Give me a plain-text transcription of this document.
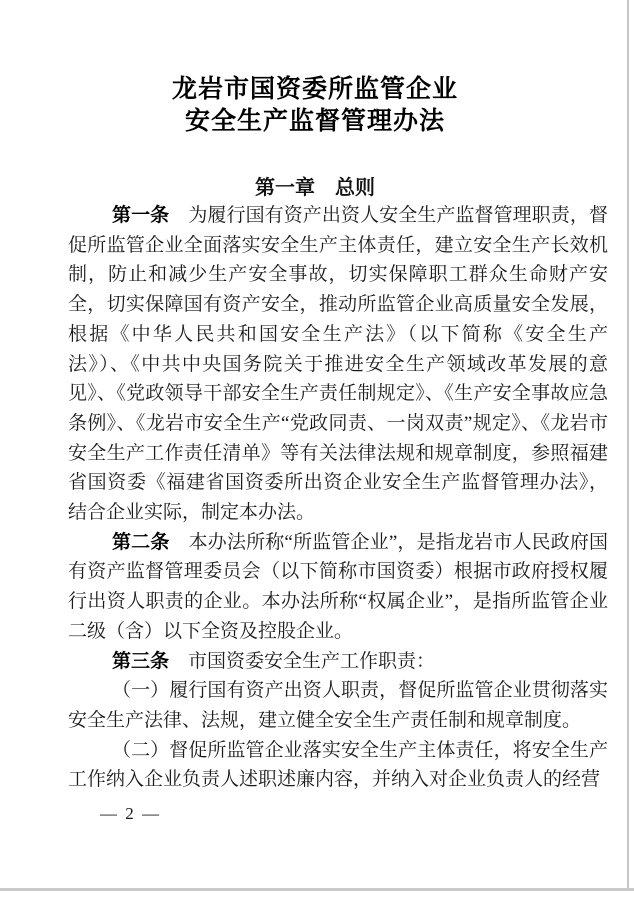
龙岩市国资委所监管企业
安全生产监督管理办法
第一章　总则

第一条　为履行国有资产出资人安全生产监督管理职责，督促所监管企业全面落实安全生产主体责任，建立安全生产长效机制，防止和减少生产安全事故，切实保障职工群众生命财产安全，切实保障国有资产安全，推动所监管企业高质量安全发展，根据《中华人民共和国安全生产法》（以下简称《安全生产法》）、《中共中央国务院关于推进安全生产领域改革发展的意见》、《党政领导干部安全生产责任制规定》、《生产安全事故应急条例》、《龙岩市安全生产“党政同责、一岗双责”规定》、《龙岩市安全生产工作责任清单》等有关法律法规和规章制度，参照福建省国资委《福建省国资委所出资企业安全生产监督管理办法》，结合企业实际，制定本办法。

第二条　本办法所称“所监管企业”，是指龙岩市人民政府国有资产监督管理委员会（以下简称市国资委）根据市政府授权履行出资人职责的企业。本办法所称“权属企业”，是指所监管企业二级（含）以下全资及控股企业。

第三条　市国资委安全生产工作职责：

（一）履行国有资产出资人职责，督促所监管企业贯彻落实安全生产法律、法规，建立健全安全生产责任制和规章制度。

（二）督促所监管企业落实安全生产主体责任，将安全生产工作纳入企业负责人述职述廉内容，并纳入对企业负责人的经营

— 2 —
